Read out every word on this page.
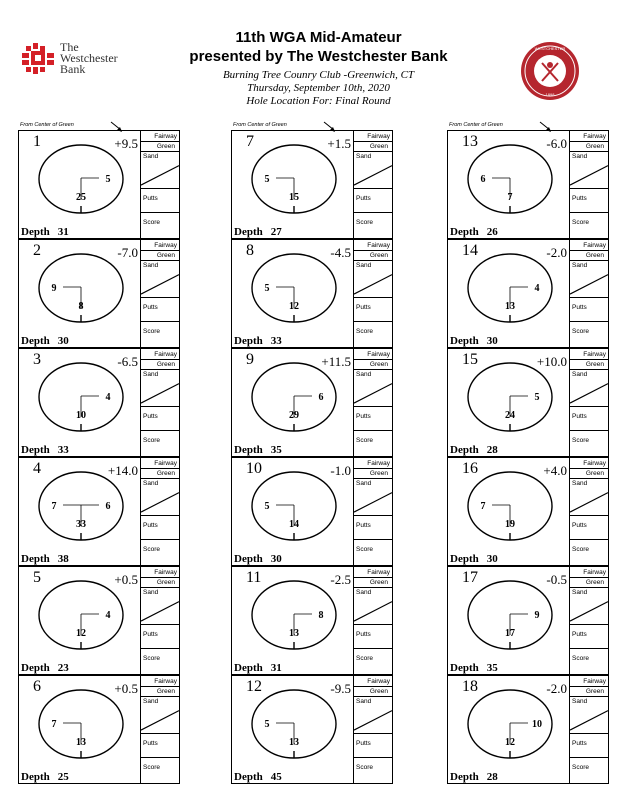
The
Westchester
Bank
11th WGA Mid-Amateur
presented by The Westchester Bank
Burning Tree Counry Club -Greenwich, CT
Thursday, September 10th, 2020
Hole Location For: Final Round
WESTCHESTER
1898
From Center of Green
25
5
1	+9.5
Depth 31
Fairway
Green
Sand
Putts
Score
8
9
2	-7.0
Depth 30
Fairway
Green
Sand
Putts
Score
10
4
3	-6.5
Depth 33
Fairway
Green
Sand
Putts
Score
33
6
7
4	+14.0
Depth 38
Fairway
Green
Sand
Putts
Score
12
4
5	+0.5
Depth 23
Fairway
Green
Sand
Putts
Score
13
7
6	+0.5
Depth 25
Fairway
Green
Sand
Putts
Score
From Center of Green
15
5
7	+1.5
Depth 27
Fairway
Green
Sand
Putts
Score
12
5
8	-4.5
Depth 33
Fairway
Green
Sand
Putts
Score
29
6
9	+11.5
Depth 35
Fairway
Green
Sand
Putts
Score
14
5
10	-1.0
Depth 30
Fairway
Green
Sand
Putts
Score
13
8
11	-2.5
Depth 31
Fairway
Green
Sand
Putts
Score
13
5
12	-9.5
Depth 45
Fairway
Green
Sand
Putts
Score
From Center of Green
7
6
13	-6.0
Depth 26
Fairway
Green
Sand
Putts
Score
13
4
14	-2.0
Depth 30
Fairway
Green
Sand
Putts
Score
24
5
15	+10.0
Depth 28
Fairway
Green
Sand
Putts
Score
19
7
16	+4.0
Depth 30
Fairway
Green
Sand
Putts
Score
17
9
17	-0.5
Depth 35
Fairway
Green
Sand
Putts
Score
12
10
18	-2.0
Depth 28
Fairway
Green
Sand
Putts
Score
